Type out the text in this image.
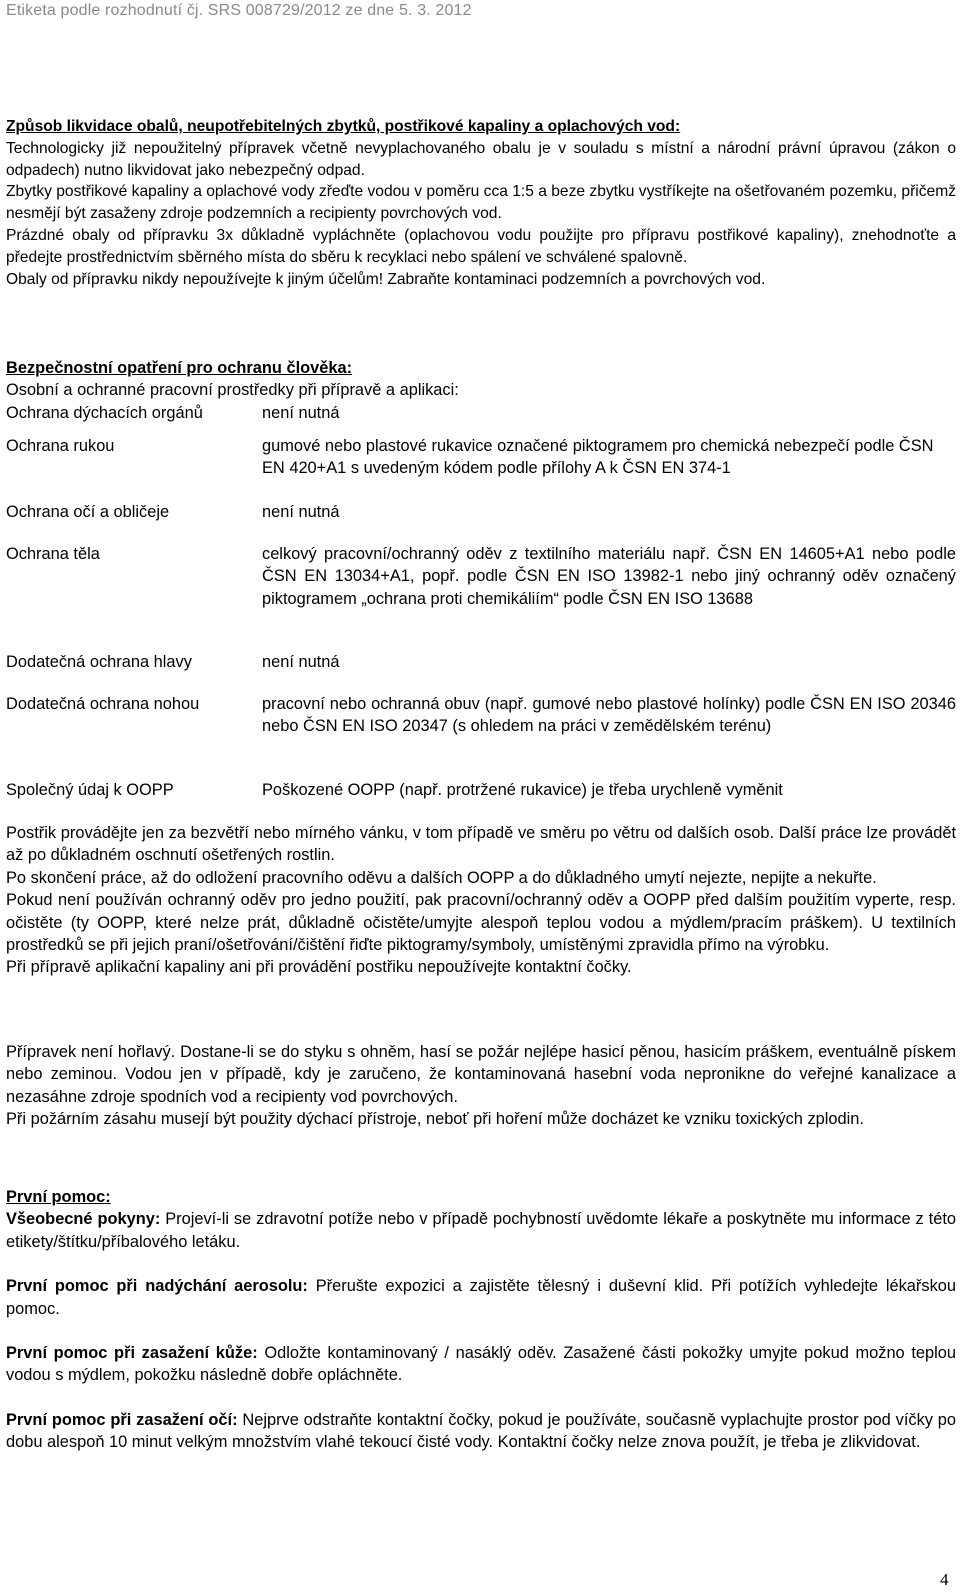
Etiketa podle rozhodnutí čj. SRS 008729/2012 ze dne 5. 3. 2012
Způsob likvidace obalů, neupotřebitelných zbytků, postřikové kapaliny a oplachových vod:

Technologicky již nepoužitelný přípravek včetně nevyplachovaného obalu je v souladu s místní a národní právní úpravou (zákon o odpadech) nutno likvidovat jako nebezpečný odpad.

Zbytky postřikové kapaliny a oplachové vody zřeďte vodou v poměru cca 1:5 a beze zbytku vystříkejte na ošetřovaném pozemku, přičemž nesmějí být zasaženy zdroje podzemních a recipienty povrchových vod.

Prázdné obaly od přípravku 3x důkladně vypláchněte (oplachovou vodu použijte pro přípravu postřikové kapaliny), znehodnoťte a předejte prostřednictvím sběrného místa do sběru k recyklaci nebo spálení ve schválené spalovně.

Obaly od přípravku nikdy nepoužívejte k jiným účelům! Zabraňte kontaminaci podzemních a povrchových vod.

Bezpečnostní opatření pro ochranu člověka:
Osobní a ochranné pracovní prostředky při přípravě a aplikaci:
Ochrana dýchacích orgánů	není nutná
Ochrana rukou	gumové nebo plastové rukavice označené piktogramem pro chemická nebezpečí podle ČSN EN 420+A1 s uvedeným kódem podle přílohy A k ČSN EN 374-1
Ochrana očí a obličeje	není nutná
Ochrana těla	celkový pracovní/ochranný oděv z textilního materiálu např. ČSN EN 14605+A1 nebo podle ČSN EN 13034+A1, popř. podle ČSN EN ISO 13982-1 nebo jiný ochranný oděv označený piktogramem „ochrana proti chemikáliím“ podle ČSN EN ISO 13688
Dodatečná ochrana hlavy	není nutná
Dodatečná ochrana nohou	pracovní nebo ochranná obuv (např. gumové nebo plastové holínky) podle ČSN EN ISO 20346 nebo ČSN EN ISO 20347 (s ohledem na práci v zemědělském terénu)
Společný údaj k OOPP	Poškozené OOPP (např. protržené rukavice) je třeba urychleně vyměnit

Postřik provádějte jen za bezvětří nebo mírného vánku, v tom případě ve směru po větru od dalších osob. Další práce lze provádět až po důkladném oschnutí ošetřených rostlin.

Po skončení práce, až do odložení pracovního oděvu a dalších OOPP a do důkladného umytí nejezte, nepijte a nekuřte.

Pokud není používán ochranný oděv pro jedno použití, pak pracovní/ochranný oděv a OOPP před dalším použitím vyperte, resp. očistěte (ty OOPP, které nelze prát, důkladně očistěte/umyjte alespoň teplou vodou a mýdlem/pracím práškem). U textilních prostředků se při jejich praní/ošetřování/čištění řiďte piktogramy/symboly, umístěnými zpravidla přímo na výrobku.

Při přípravě aplikační kapaliny ani při provádění postřiku nepoužívejte kontaktní čočky.

Přípravek není hořlavý. Dostane-li se do styku s ohněm, hasí se požár nejlépe hasicí pěnou, hasicím práškem, eventuálně pískem nebo zeminou. Vodou jen v případě, kdy je zaručeno, že kontaminovaná hasební voda nepronikne do veřejné kanalizace a nezasáhne zdroje spodních vod a recipienty vod povrchových.

Při požárním zásahu musejí být použity dýchací přístroje, neboť při hoření může docházet ke vzniku toxických zplodin.

První pomoc:

Všeobecné pokyny: Projeví-li se zdravotní potíže nebo v případě pochybností uvědomte lékaře a poskytněte mu informace z této etikety/štítku/příbalového letáku.

První pomoc při nadýchání aerosolu: Přerušte expozici a zajistěte tělesný i duševní klid. Při potížích vyhledejte lékařskou pomoc.

První pomoc při zasažení kůže: Odložte kontaminovaný / nasáklý oděv. Zasažené části pokožky umyjte pokud možno teplou vodou s mýdlem, pokožku následně dobře opláchněte.

První pomoc při zasažení očí: Nejprve odstraňte kontaktní čočky, pokud je používáte, současně vyplachujte prostor pod víčky po dobu alespoň 10 minut velkým množstvím vlahé tekoucí čisté vody. Kontaktní čočky nelze znova použít, je třeba je zlikvidovat.

4
